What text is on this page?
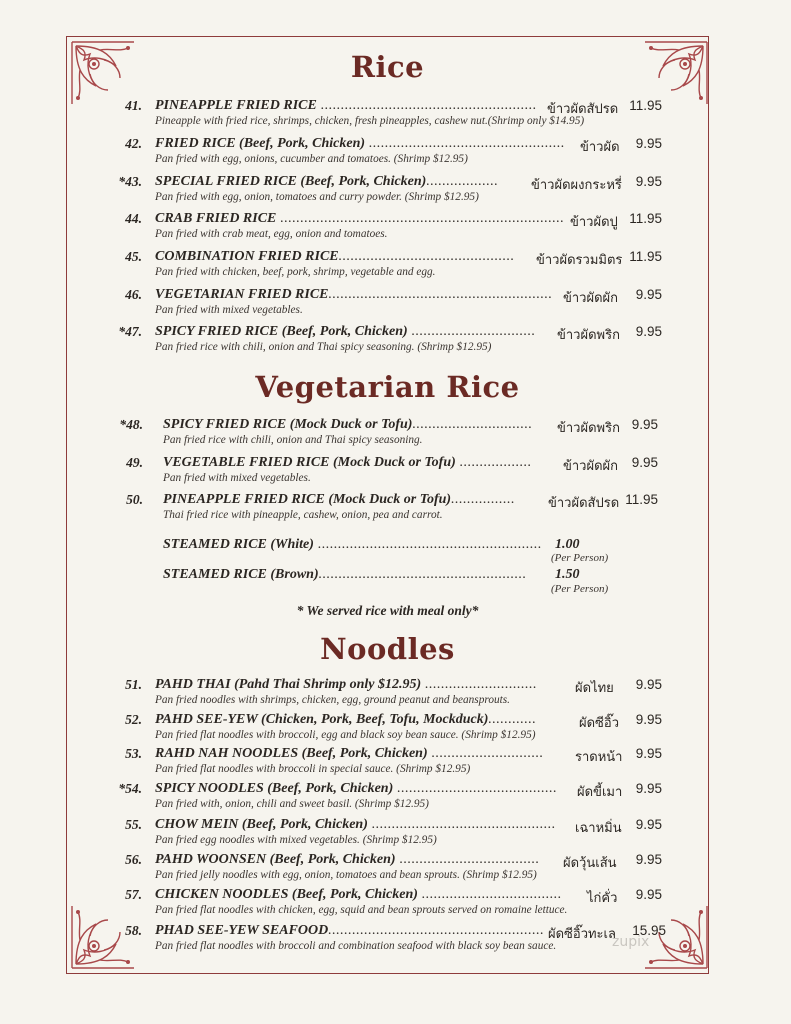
Rice
Vegetarian Rice
Noodles
41. PINEAPPLE FRIED RICE ...................................................... ข้าวผัดสัปรด 11.95
Pineapple with fried rice, shrimps, chicken, fresh pineapples, cashew nut.(Shrimp only $14.95)
42. FRIED RICE (Beef, Pork, Chicken) .................................................	ข้าวผัด	9.95
Pan fried with egg, onions, cucumber and tomatoes. (Shrimp $12.95)
*43. SPECIAL FRIED RICE (Beef, Pork, Chicken)..................	ข้าวผัดผงกระหรี่	9.95
Pan fried with egg, onion, tomatoes and curry powder. (Shrimp $12.95)
44. CRAB FRIED RICE ....................................................................... ข้าวผัดปู 11.95
Pan fried with crab meat, egg, onion and tomatoes.
45. COMBINATION FRIED RICE............................................	ข้าวผัดรวมมิตร 11.95
Pan fried with chicken, beef, pork, shrimp, vegetable and egg.
46. VEGETARIAN FRIED RICE........................................................ ข้าวผัดผัก	9.95
Pan fried with mixed vegetables.
*47. SPICY FRIED RICE (Beef, Pork, Chicken) ...............................	ข้าวผัดพริก	9.95
Pan fried rice with chili, onion and Thai spicy seasoning. (Shrimp $12.95)
*48. SPICY FRIED RICE (Mock Duck or Tofu)..............................	ข้าวผัดพริก 9.95
Pan fried rice with chili, onion and Thai spicy seasoning.
49. VEGETABLE FRIED RICE (Mock Duck or Tofu) ..................	ข้าวผัดผัก	9.95
Pan fried with mixed vegetables.
50. PINEAPPLE FRIED RICE (Mock Duck or Tofu)................	ข้าวผัดสัปรด 11.95
Thai fried rice with pineapple, cashew, onion, pea and carrot.
STEAMED RICE (White) ........................................................ 1.00
(Per Person)
STEAMED RICE (Brown)....................................................	1.50
(Per Person)
* We served rice with meal only*
51. PAHD THAI (Pahd Thai Shrimp only $12.95) ............................	ผัดไทย	9.95
Pan fried noodles with shrimps, chicken, egg, ground peanut and beansprouts.
52. PAHD SEE-YEW (Chicken, Pork, Beef, Tofu, Mockduck)............	ผัดซีอิ๊ว	9.95
Pan fried flat noodles with broccoli, egg and black soy bean sauce. (Shrimp $12.95)
53. RAHD NAH NOODLES (Beef, Pork, Chicken) ............................	ราดหน้า 9.95
Pan fried flat noodles with broccoli in special sauce. (Shrimp $12.95)
*54. SPICY NOODLES (Beef, Pork, Chicken) ........................................	ผัดขี้เมา 9.95
Pan fried with, onion, chili and sweet basil. (Shrimp $12.95)
55. CHOW MEIN (Beef, Pork, Chicken) ..............................................	เฉาหมิ่น	9.95
Pan fried egg noodles with mixed vegetables. (Shrimp $12.95)
56. PAHD WOONSEN (Beef, Pork, Chicken) ...................................	ผัดวุ้นเส้น	9.95
Pan fried jelly noodles with egg, onion, tomatoes and bean sprouts. (Shrimp $12.95)
57. CHICKEN NOODLES (Beef, Pork, Chicken) ...................................	ไก่คั่ว	9.95
Pan fried flat noodles with chicken, egg, squid and bean sprouts served on romaine lettuce.
58. PHAD SEE-YEW SEAFOOD...................................................... ผัดซีอิ๊วทะเล	15.95
Pan fried flat noodles with broccoli and combination seafood with black soy bean sauce.	zupix
